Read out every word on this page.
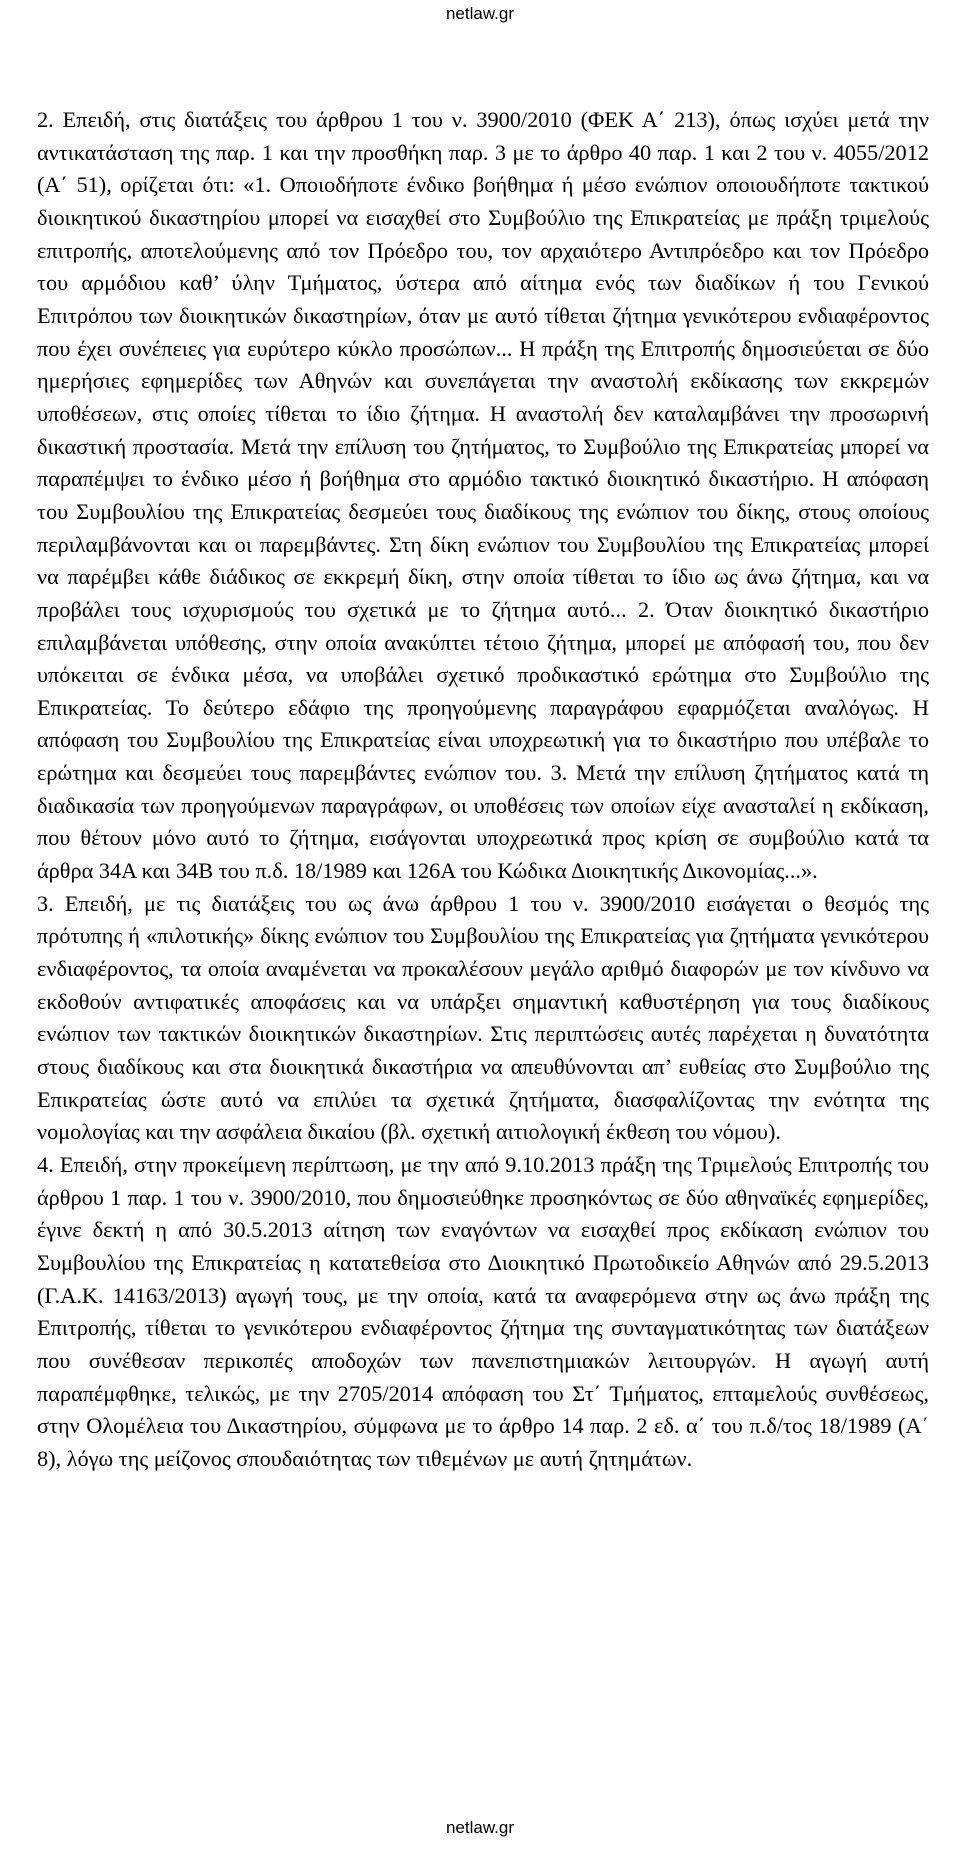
netlaw.gr

2. Επειδή, στις διατάξεις του άρθρου 1 του ν. 3900/2010 (ΦΕΚ Α΄ 213), όπως ισχύει μετά την αντικατάσταση της παρ. 1 και την προσθήκη παρ. 3 με το άρθρο 40 παρ. 1 και 2 του ν. 4055/2012 (Α΄ 51), ορίζεται ότι: «1. Οποιοδήποτε ένδικο βοήθημα ή μέσο ενώπιον οποιουδήποτε τακτικού διοικητικού δικαστηρίου μπορεί να εισαχθεί στο Συμβούλιο της Επικρατείας με πράξη τριμελούς επιτροπής, αποτελούμενης από τον Πρόεδρο του, τον αρχαιότερο Αντιπρόεδρο και τον Πρόεδρο του αρμόδιου καθ’ ύλην Τμήματος, ύστερα από αίτημα ενός των διαδίκων ή του Γενικού Επιτρόπου των διοικητικών δικαστηρίων, όταν με αυτό τίθεται ζήτημα γενικότερου ενδιαφέροντος που έχει συνέπειες για ευρύτερο κύκλο προσώπων... Η πράξη της Επιτροπής δημοσιεύεται σε δύο ημερήσιες εφημερίδες των Αθηνών και συνεπάγεται την αναστολή εκδίκασης των εκκρεμών υποθέσεων, στις οποίες τίθεται το ίδιο ζήτημα. Η αναστολή δεν καταλαμβάνει την προσωρινή δικαστική προστασία. Μετά την επίλυση του ζητήματος, το Συμβούλιο της Επικρατείας μπορεί να παραπέμψει το ένδικο μέσο ή βοήθημα στο αρμόδιο τακτικό διοικητικό δικαστήριο. Η απόφαση του Συμβουλίου της Επικρατείας δεσμεύει τους διαδίκους της ενώπιον του δίκης, στους οποίους περιλαμβάνονται και οι παρεμβάντες. Στη δίκη ενώπιον του Συμβουλίου της Επικρατείας μπορεί να παρέμβει κάθε διάδικος σε εκκρεμή δίκη, στην οποία τίθεται το ίδιο ως άνω ζήτημα, και να προβάλει τους ισχυρισμούς του σχετικά με το ζήτημα αυτό... 2. Όταν διοικητικό δικαστήριο επιλαμβάνεται υπόθεσης, στην οποία ανακύπτει τέτοιο ζήτημα, μπορεί με απόφασή του, που δεν υπόκειται σε ένδικα μέσα, να υποβάλει σχετικό προδικαστικό ερώτημα στο Συμβούλιο της Επικρατείας. Το δεύτερο εδάφιο της προηγούμενης παραγράφου εφαρμόζεται αναλόγως. Η απόφαση του Συμβουλίου της Επικρατείας είναι υποχρεωτική για το δικαστήριο που υπέβαλε το ερώτημα και δεσμεύει τους παρεμβάντες ενώπιον του. 3. Μετά την επίλυση ζητήματος κατά τη διαδικασία των προηγούμενων παραγράφων, οι υποθέσεις των οποίων είχε ανασταλεί η εκδίκαση, που θέτουν μόνο αυτό το ζήτημα, εισάγονται υποχρεωτικά προς κρίση σε συμβούλιο κατά τα άρθρα 34Α και 34Β του π.δ. 18/1989 και 126Α του Κώδικα Διοικητικής Δικονομίας...».

3. Επειδή, με τις διατάξεις του ως άνω άρθρου 1 του ν. 3900/2010 εισάγεται ο θεσμός της πρότυπης ή «πιλοτικής» δίκης ενώπιον του Συμβουλίου της Επικρατείας για ζητήματα γενικότερου ενδιαφέροντος, τα οποία αναμένεται να προκαλέσουν μεγάλο αριθμό διαφορών με τον κίνδυνο να εκδοθούν αντιφατικές αποφάσεις και να υπάρξει σημαντική καθυστέρηση για τους διαδίκους ενώπιον των τακτικών διοικητικών δικαστηρίων. Στις περιπτώσεις αυτές παρέχεται η δυνατότητα στους διαδίκους και στα διοικητικά δικαστήρια να απευθύνονται απ’ ευθείας στο Συμβούλιο της Επικρατείας ώστε αυτό να επιλύει τα σχετικά ζητήματα, διασφαλίζοντας την ενότητα της νομολογίας και την ασφάλεια δικαίου (βλ. σχετική αιτιολογική έκθεση του νόμου).

4. Επειδή, στην προκείμενη περίπτωση, με την από 9.10.2013 πράξη της Τριμελούς Επιτροπής του άρθρου 1 παρ. 1 του ν. 3900/2010, που δημοσιεύθηκε προσηκόντως σε δύο αθηναϊκές εφημερίδες, έγινε δεκτή η από 30.5.2013 αίτηση των εναγόντων να εισαχθεί προς εκδίκαση ενώπιον του Συμβουλίου της Επικρατείας η κατατεθείσα στο Διοικητικό Πρωτοδικείο Αθηνών από 29.5.2013 (Γ.Α.Κ. 14163/2013) αγωγή τους, με την οποία, κατά τα αναφερόμενα στην ως άνω πράξη της Επιτροπής, τίθεται το γενικότερου ενδιαφέροντος ζήτημα της συνταγματικότητας των διατάξεων που συνέθεσαν περικοπές αποδοχών των πανεπιστημιακών λειτουργών. Η αγωγή αυτή παραπέμφθηκε, τελικώς, με την 2705/2014 απόφαση του Στ΄ Τμήματος, επταμελούς συνθέσεως, στην Ολομέλεια του Δικαστηρίου, σύμφωνα με το άρθρο 14 παρ. 2 εδ. α΄ του π.δ/τος 18/1989 (Α΄ 8), λόγω της μείζονος σπουδαιότητας των τιθεμένων με αυτή ζητημάτων.

netlaw.gr
